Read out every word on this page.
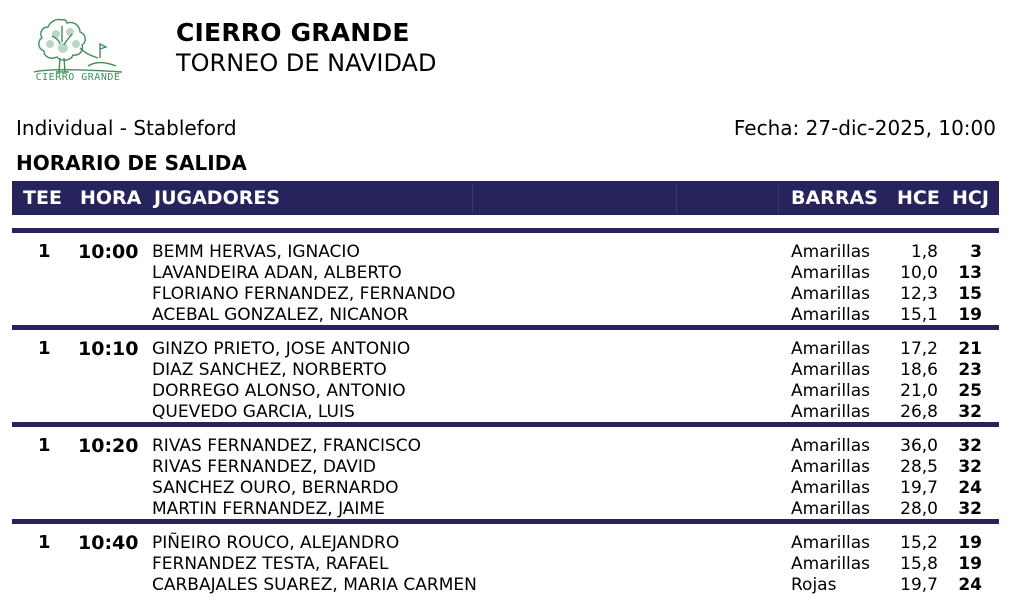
CIERRO GRANDE
CIERRO GRANDE
TORNEO DE NAVIDAD
Individual - Stableford	Fecha: 27-dic-2025, 10:00
HORARIO DE SALIDA
TEE HORA JUGADORES	BARRAS HCE HCJ
1 10:00 BEMM HERVAS, IGNACIO	Amarillas 1,8 3
LAVANDEIRA ADAN, ALBERTO	Amarillas 10,0 13
FLORIANO FERNANDEZ, FERNANDO	Amarillas 12,3 15
ACEBAL GONZALEZ, NICANOR	Amarillas 15,1 19
1 10:10 GINZO PRIETO, JOSE ANTONIO	Amarillas 17,2 21
DIAZ SANCHEZ, NORBERTO	Amarillas 18,6 23
DORREGO ALONSO, ANTONIO	Amarillas 21,0 25
QUEVEDO GARCIA, LUIS	Amarillas 26,8 32
1 10:20 RIVAS FERNANDEZ, FRANCISCO	Amarillas 36,0 32
RIVAS FERNANDEZ, DAVID	Amarillas 28,5 32
SANCHEZ OURO, BERNARDO	Amarillas 19,7 24
MARTIN FERNANDEZ, JAIME	Amarillas 28,0 32
1 10:40 PIÑEIRO ROUCO, ALEJANDRO	Amarillas 15,2 19
FERNANDEZ TESTA, RAFAEL	Amarillas 15,8 19
CARBAJALES SUAREZ, MARIA CARMEN	Rojas	19,7 24
